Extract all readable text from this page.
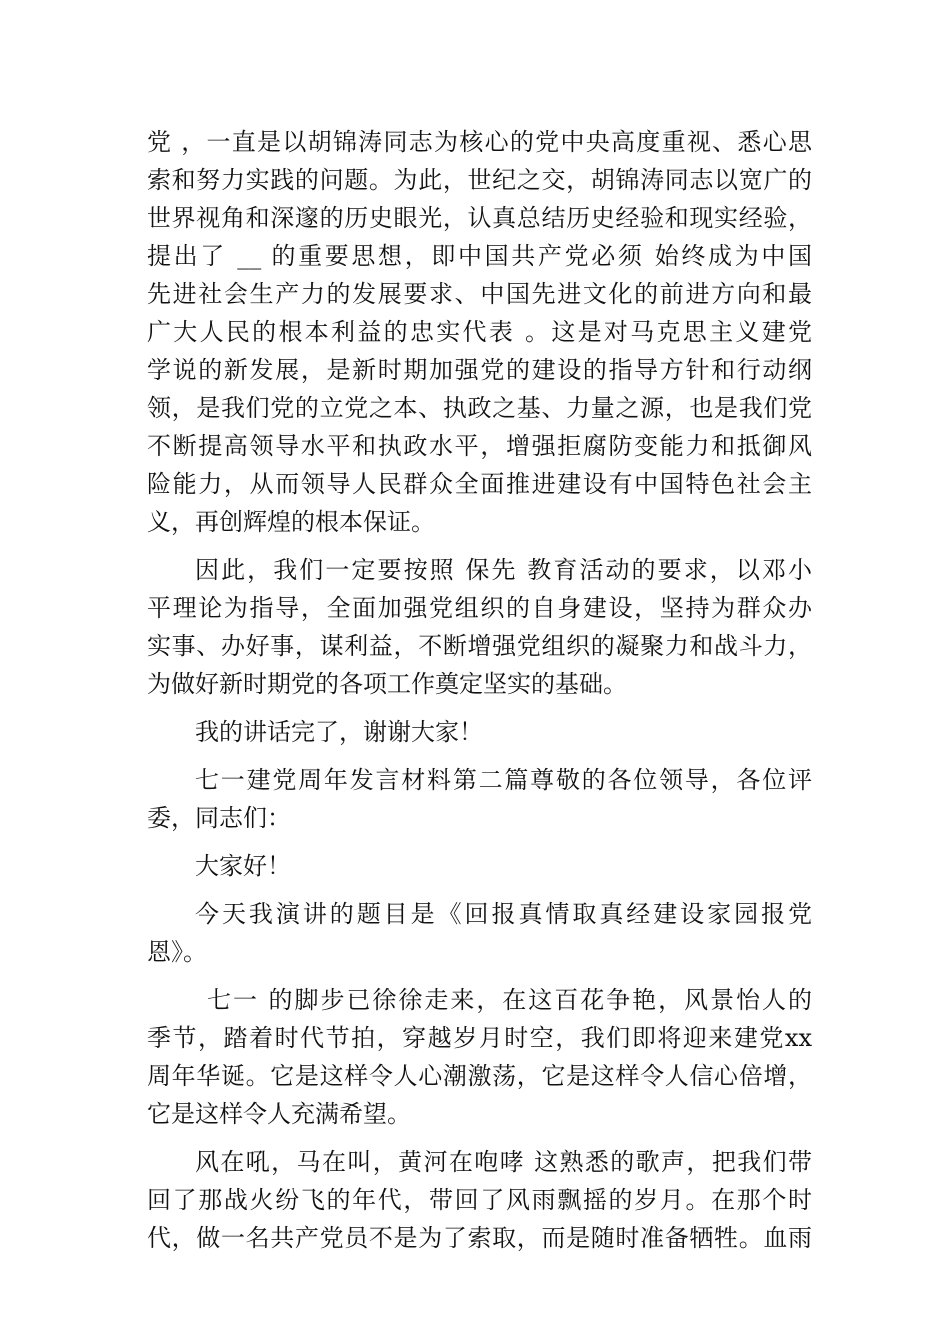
党 ，一直是以胡锦涛同志为核心的党中央高度重视、悉心思
索和努力实践的问题。为此，世纪之交，胡锦涛同志以宽广的
世界视角和深邃的历史眼光，认真总结历史经验和现实经验，
提出了 __ 的重要思想，即中国共产党必须 始终成为中国
先进社会生产力的发展要求、中国先进文化的前进方向和最
广大人民的根本利益的忠实代表 。这是对马克思主义建党
学说的新发展，是新时期加强党的建设的指导方针和行动纲
领，是我们党的立党之本、执政之基、力量之源，也是我们党
不断提高领导水平和执政水平，增强拒腐防变能力和抵御风
险能力，从而领导人民群众全面推进建设有中国特色社会主
义，再创辉煌的根本保证。
因此，我们一定要按照 保先 教育活动的要求，以邓小
平理论为指导，全面加强党组织的自身建设，坚持为群众办
实事、办好事，谋利益，不断增强党组织的凝聚力和战斗力，
为做好新时期党的各项工作奠定坚实的基础。
我的讲话完了，谢谢大家！
七一建党周年发言材料第二篇尊敬的各位领导，各位评
委，同志们：
大家好！
今天我演讲的题目是《回报真情取真经建设家园报党
恩》。
七一 的脚步已徐徐走来，在这百花争艳，风景怡人的
季节，踏着时代节拍，穿越岁月时空，我们即将迎来建党xx
周年华诞。它是这样令人心潮激荡，它是这样令人信心倍增，
它是这样令人充满希望。
风在吼，马在叫，黄河在咆哮 这熟悉的歌声，把我们带
回了那战火纷飞的年代，带回了风雨飘摇的岁月。在那个时
代，做一名共产党员不是为了索取，而是随时准备牺牲。血雨
